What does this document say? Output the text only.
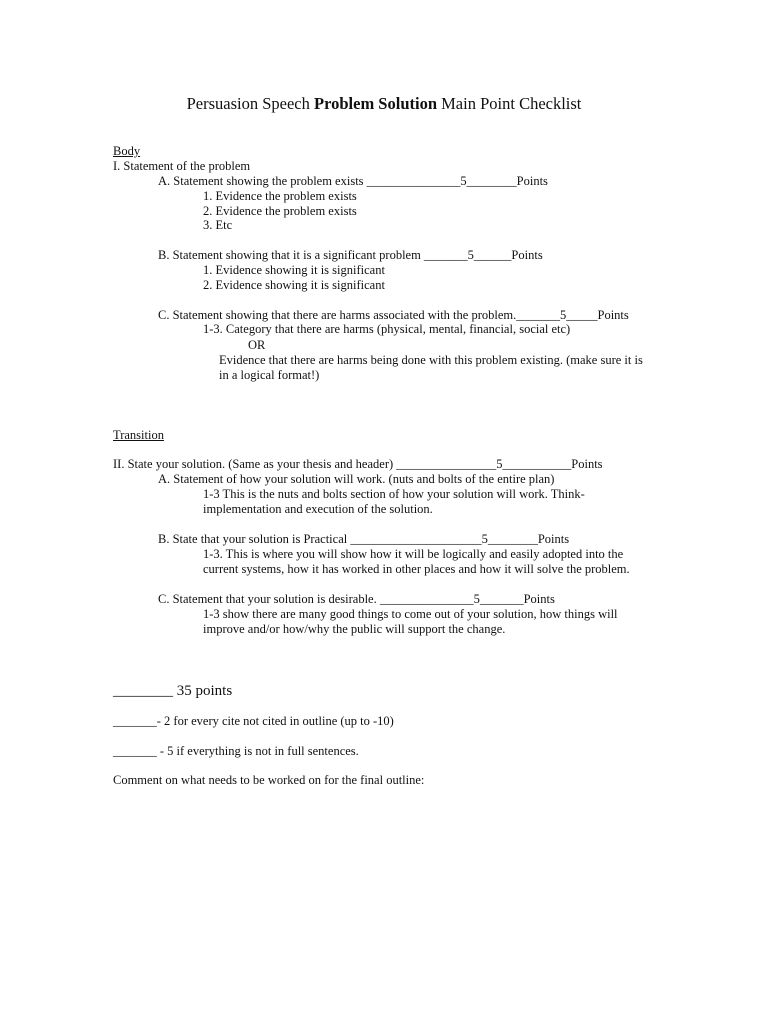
Persuasion Speech Problem Solution Main Point Checklist
Body
I. Statement of the problem
A. Statement showing the problem exists _______________5________Points
1. Evidence the problem exists
2. Evidence the problem exists
3. Etc
B. Statement showing that it is a significant problem _______5______Points
1. Evidence showing it is significant
2. Evidence showing it is significant
C. Statement showing that there are harms associated with the problem._______5_____Points
1-3. Category that there are harms (physical, mental, financial, social etc)
OR
Evidence that there are harms being done with this problem existing. (make sure it is
in a logical format!)
Transition
II. State your solution. (Same as your thesis and header) ________________5___________Points
A. Statement of how your solution will work. (nuts and bolts of the entire plan)
1-3 This is the nuts and bolts section of how your solution will work. Think-
implementation and execution of the solution.
B. State that your solution is Practical _____________________5________Points
1-3. This is where you will show how it will be logically and easily adopted into the
current systems, how it has worked in other places and how it will solve the problem.
C. Statement that your solution is desirable. _______________5_______Points
1-3 show there are many good things to come out of your solution, how things will
improve and/or how/why the public will support the change.
________ 35 points
_______- 2 for every cite not cited in outline (up to -10)
_______ - 5 if everything is not in full sentences.
Comment on what needs to be worked on for the final outline:
